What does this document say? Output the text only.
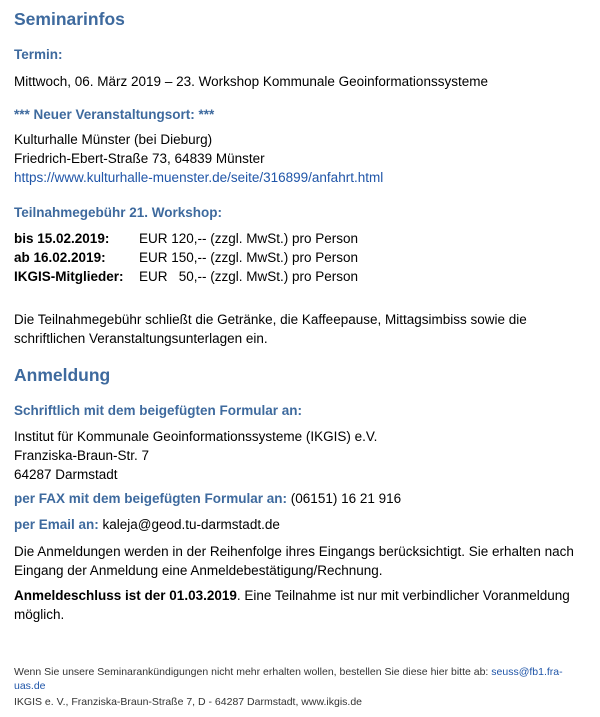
Seminarinfos
Termin:
Mittwoch, 06. März 2019 – 23. Workshop Kommunale Geoinformationssysteme
*** Neuer Veranstaltungsort: ***
Kulturhalle Münster (bei Dieburg)
Friedrich-Ebert-Straße 73, 64839 Münster
https://www.kulturhalle-muenster.de/seite/316899/anfahrt.html
Teilnahmegebühr 21. Workshop:
bis 15.02.2019:	EUR 120,-- (zzgl. MwSt.) pro Person
ab 16.02.2019:	EUR 150,-- (zzgl. MwSt.) pro Person
IKGIS-Mitglieder:	EUR   50,-- (zzgl. MwSt.) pro Person
Die Teilnahmegebühr schließt die Getränke, die Kaffeepause, Mittagsimbiss sowie die schriftlichen Veranstaltungsunterlagen ein.
Anmeldung
Schriftlich mit dem beigefügten Formular an:
Institut für Kommunale Geoinformationssysteme (IKGIS) e.V.
Franziska-Braun-Str. 7
64287 Darmstadt
per FAX mit dem beigefügten Formular an: (06151) 16 21 916
per Email an: kaleja@geod.tu-darmstadt.de
Die Anmeldungen werden in der Reihenfolge ihres Eingangs berücksichtigt. Sie erhalten nach Eingang der Anmeldung eine Anmeldebestätigung/Rechnung.
Anmeldeschluss ist der 01.03.2019. Eine Teilnahme ist nur mit verbindlicher Voranmeldung möglich.
Wenn Sie unsere Seminarankündigungen nicht mehr erhalten wollen, bestellen Sie diese hier bitte ab: seuss@fb1.fra-uas.de
IKGIS e. V., Franziska-Braun-Straße 7, D - 64287 Darmstadt, www.ikgis.de
